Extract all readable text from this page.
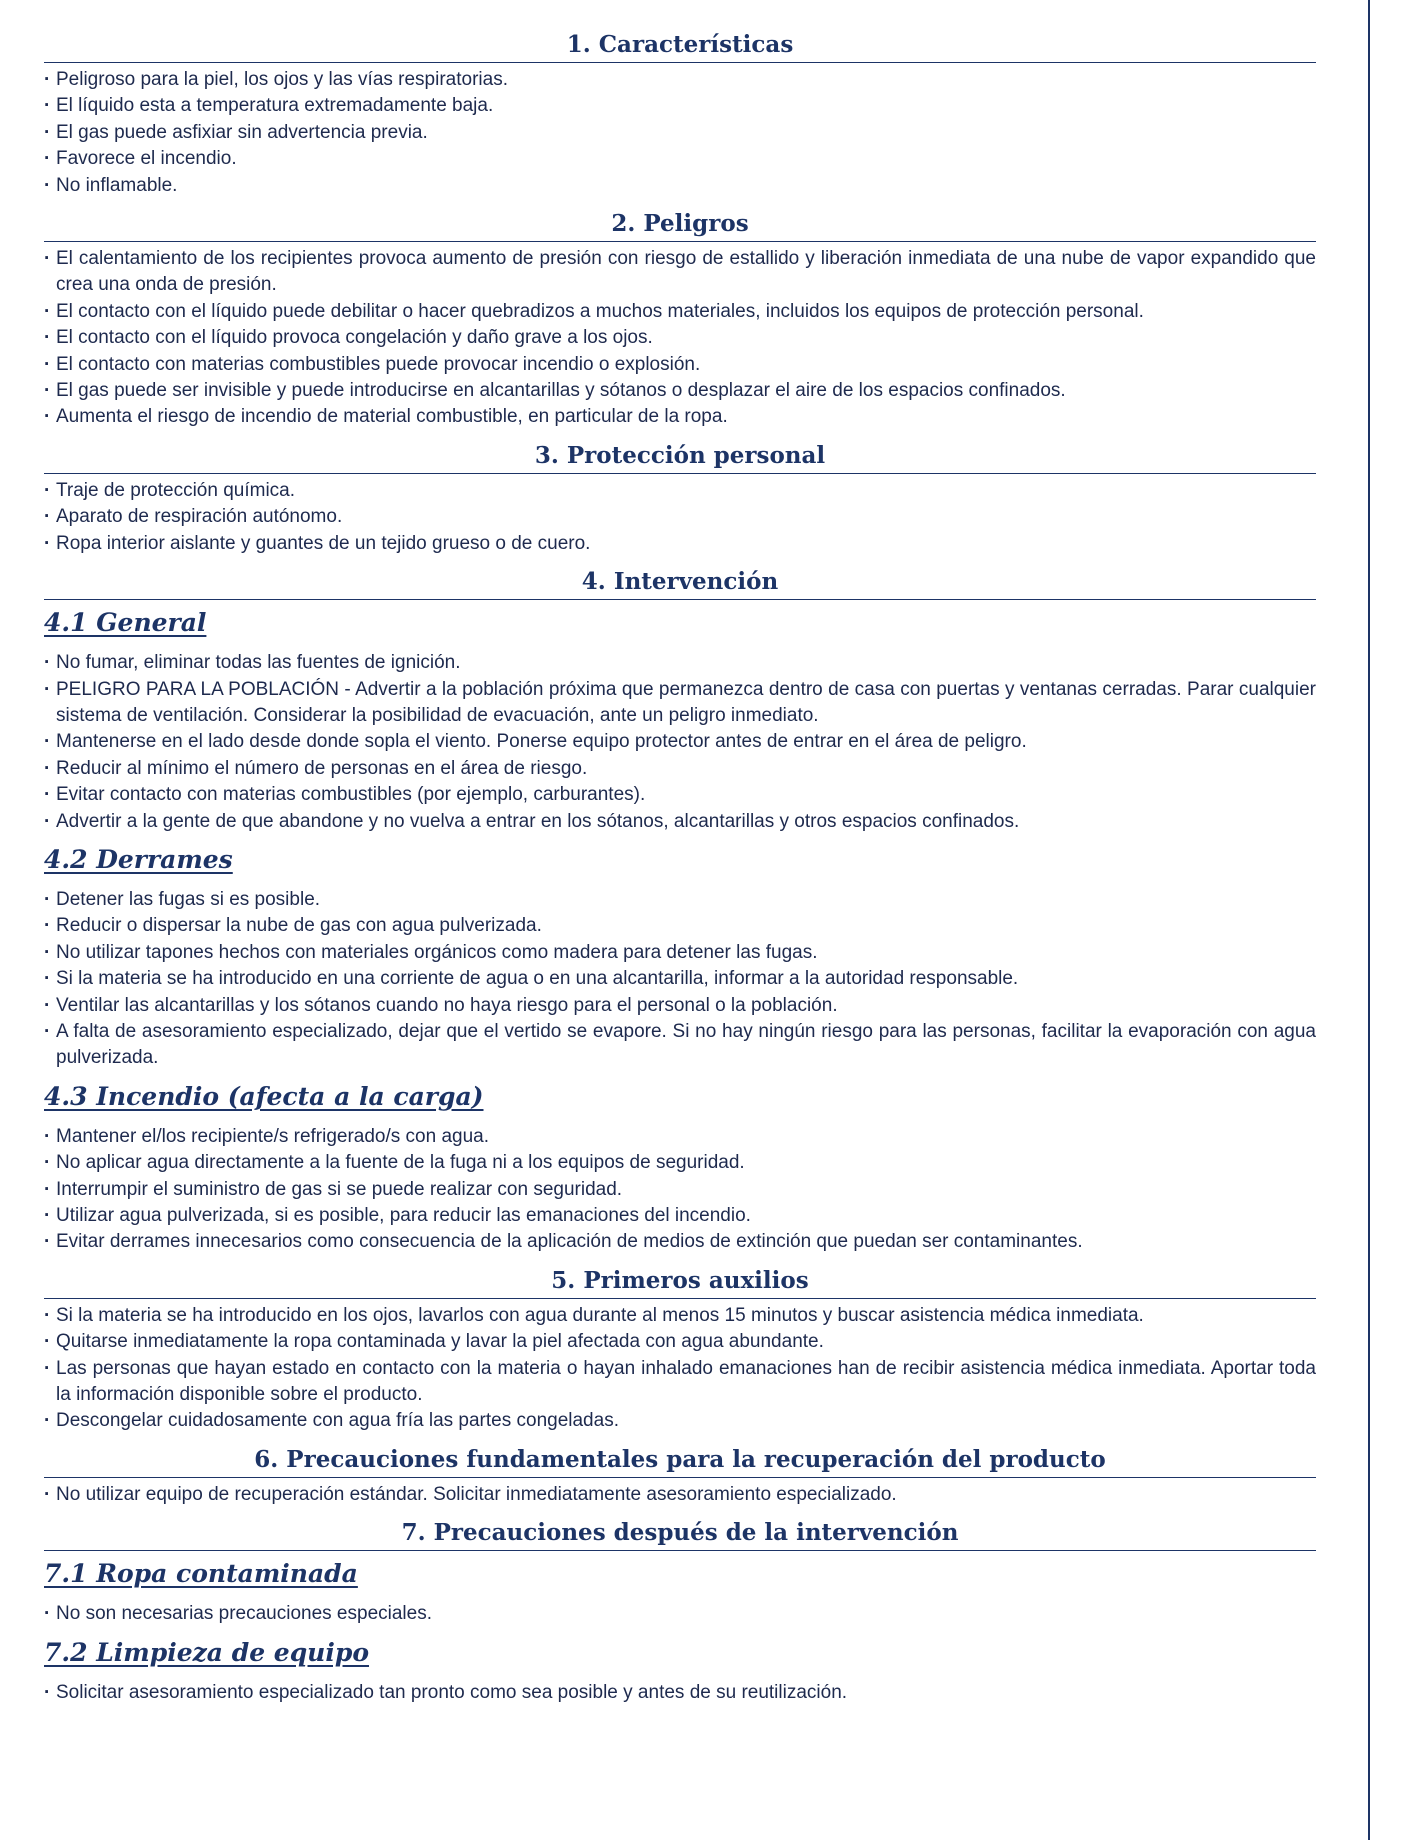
1. Características
· Peligroso para la piel, los ojos y las vías respiratorias.
· El líquido esta a temperatura extremadamente baja.
· El gas puede asfixiar sin advertencia previa.
· Favorece el incendio.
· No inflamable.
2. Peligros
· El calentamiento de los recipientes provoca aumento de presión con riesgo de estallido y liberación inmediata de una nube de vapor expandido que crea una onda de presión.
· El contacto con el líquido puede debilitar o hacer quebradizos a muchos materiales, incluidos los equipos de protección personal.
· El contacto con el líquido provoca congelación y daño grave a los ojos.
· El contacto con materias combustibles puede provocar incendio o explosión.
· El gas puede ser invisible y puede introducirse en alcantarillas y sótanos o desplazar el aire de los espacios confinados.
· Aumenta el riesgo de incendio de material combustible, en particular de la ropa.
3. Protección personal
· Traje de protección química.
· Aparato de respiración autónomo.
· Ropa interior aislante y guantes de un tejido grueso o de cuero.
4. Intervención
4.1 General
· No fumar, eliminar todas las fuentes de ignición.
· PELIGRO PARA LA POBLACIÓN - Advertir a la población próxima que permanezca dentro de casa con puertas y ventanas cerradas. Parar cualquier sistema de ventilación. Considerar la posibilidad de evacuación, ante un peligro inmediato.
· Mantenerse en el lado desde donde sopla el viento. Ponerse equipo protector antes de entrar en el área de peligro.
· Reducir al mínimo el número de personas en el área de riesgo.
· Evitar contacto con materias combustibles (por ejemplo, carburantes).
· Advertir a la gente de que abandone y no vuelva a entrar en los sótanos, alcantarillas y otros espacios confinados.
4.2 Derrames
· Detener las fugas si es posible.
· Reducir o dispersar la nube de gas con agua pulverizada.
· No utilizar tapones hechos con materiales orgánicos como madera para detener las fugas.
· Si la materia se ha introducido en una corriente de agua o en una alcantarilla, informar a la autoridad responsable.
· Ventilar las alcantarillas y los sótanos cuando no haya riesgo para el personal o la población.
· A falta de asesoramiento especializado, dejar que el vertido se evapore. Si no hay ningún riesgo para las personas, facilitar la evaporación con agua pulverizada.
4.3 Incendio (afecta a la carga)
· Mantener el/los recipiente/s refrigerado/s con agua.
· No aplicar agua directamente a la fuente de la fuga ni a los equipos de seguridad.
· Interrumpir el suministro de gas si se puede realizar con seguridad.
· Utilizar agua pulverizada, si es posible, para reducir las emanaciones del incendio.
· Evitar derrames innecesarios como consecuencia de la aplicación de medios de extinción que puedan ser contaminantes.
5. Primeros auxilios
· Si la materia se ha introducido en los ojos, lavarlos con agua durante al menos 15 minutos y buscar asistencia médica inmediata.
· Quitarse inmediatamente la ropa contaminada y lavar la piel afectada con agua abundante.
· Las personas que hayan estado en contacto con la materia o hayan inhalado emanaciones han de recibir asistencia médica inmediata. Aportar toda la información disponible sobre el producto.
· Descongelar cuidadosamente con agua fría las partes congeladas.
6. Precauciones fundamentales para la recuperación del producto
· No utilizar equipo de recuperación estándar. Solicitar inmediatamente asesoramiento especializado.
7. Precauciones después de la intervención
7.1 Ropa contaminada
· No son necesarias precauciones especiales.
7.2 Limpieza de equipo
· Solicitar asesoramiento especializado tan pronto como sea posible y antes de su reutilización.
